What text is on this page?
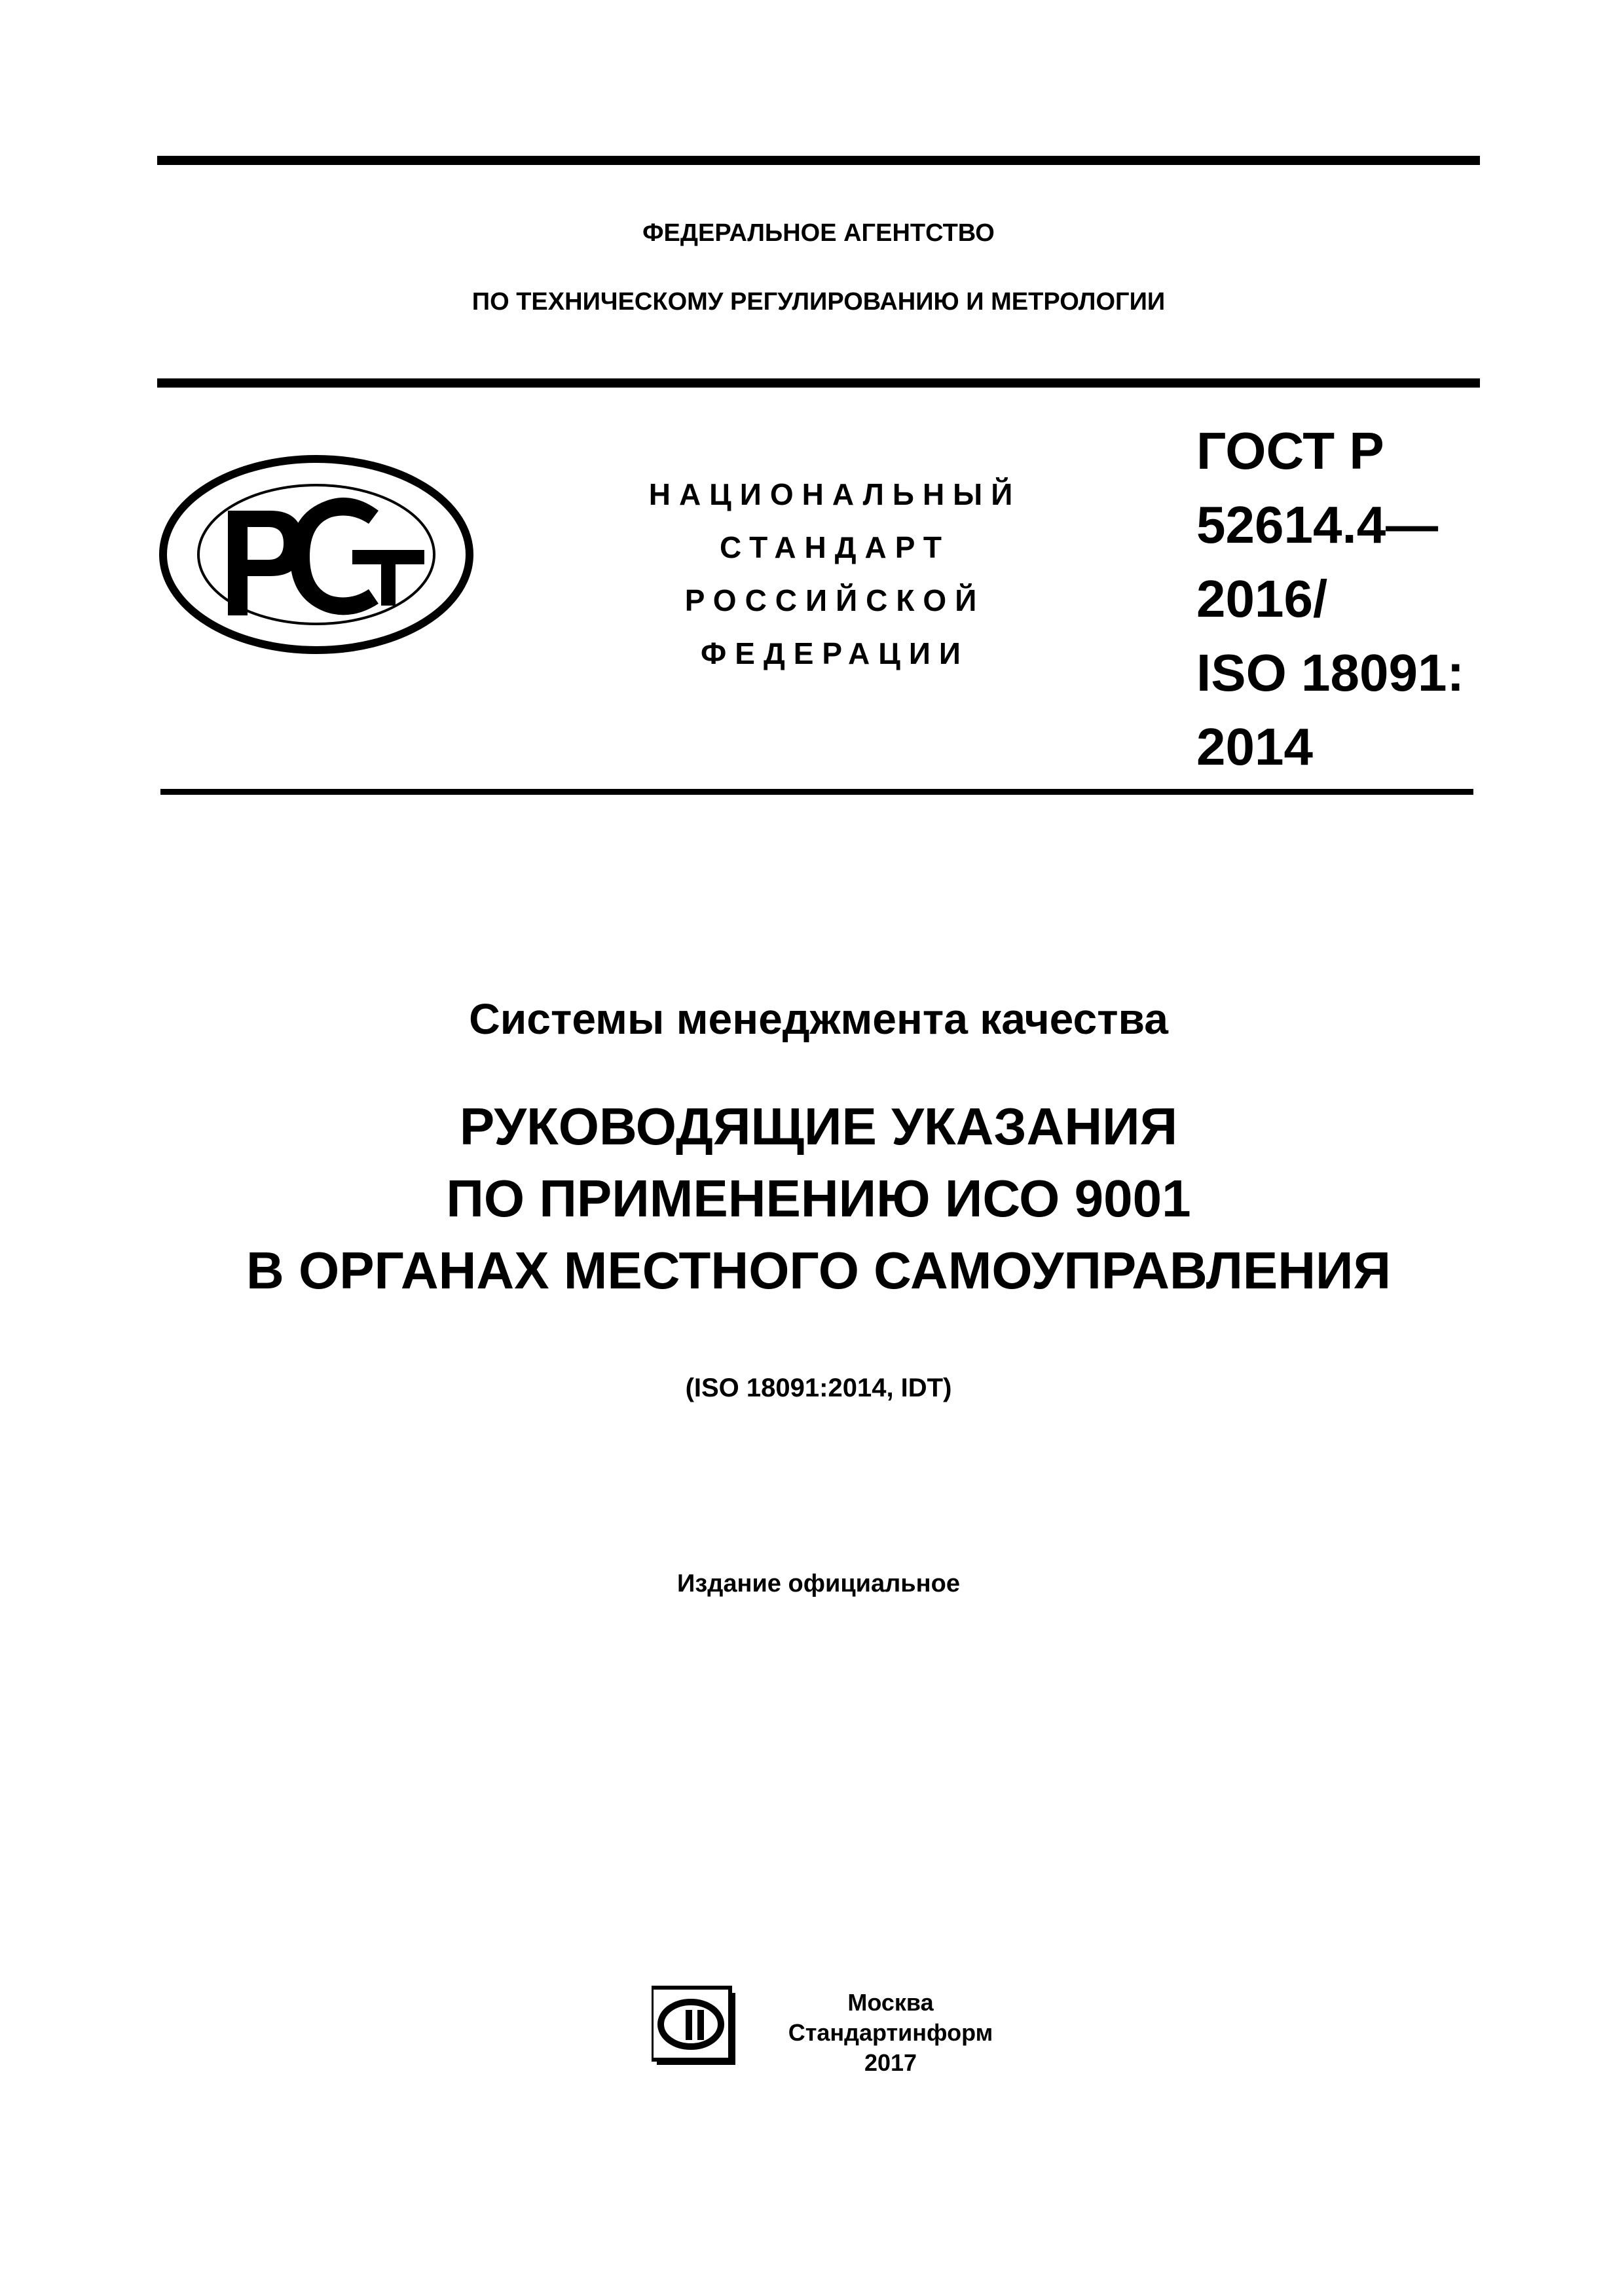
ФЕДЕРАЛЬНОЕ АГЕНТСТВО
ПО ТЕХНИЧЕСКОМУ РЕГУЛИРОВАНИЮ И МЕТРОЛОГИИ
НАЦИОНАЛЬНЫЙ
СТАНДАРТ
РОССИЙСКОЙ
ФЕДЕРАЦИИ
ГОСТ Р
52614.4—
2016/
ISO 18091:
2014
Системы менеджмента качества
РУКОВОДЯЩИЕ УКАЗАНИЯ
ПО ПРИМЕНЕНИЮ ИСО 9001
В ОРГАНАХ МЕСТНОГО САМОУПРАВЛЕНИЯ
(ISO 18091:2014, IDT)
Издание официальное
Москва
Стандартинформ
2017
